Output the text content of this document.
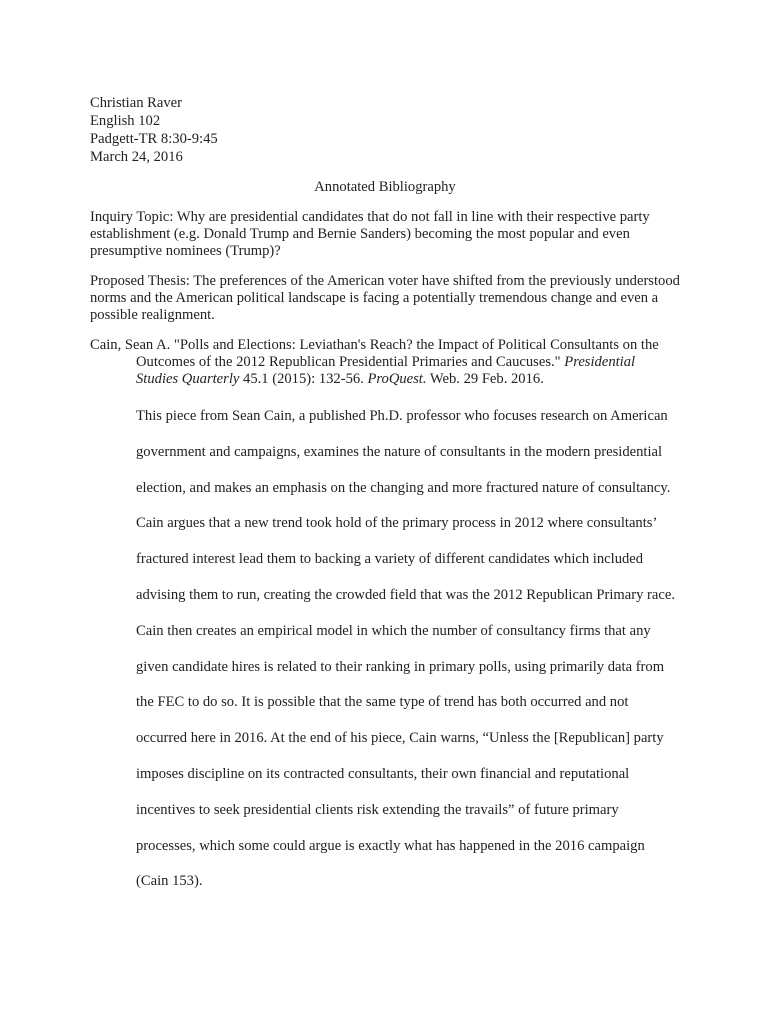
Christian Raver
English 102
Padgett-TR 8:30-9:45
March 24, 2016
Annotated Bibliography

Inquiry Topic: Why are presidential candidates that do not fall in line with their respective party establishment (e.g. Donald Trump and Bernie Sanders) becoming the most popular and even presumptive nominees (Trump)?

Proposed Thesis: The preferences of the American voter have shifted from the previously understood norms and the American political landscape is facing a potentially tremendous change and even a possible realignment.

Cain, Sean A. "Polls and Elections: Leviathan's Reach? the Impact of Political Consultants on the Outcomes of the 2012 Republican Presidential Primaries and Caucuses." Presidential Studies Quarterly 45.1 (2015): 132-56. ProQuest. Web. 29 Feb. 2016.

This piece from Sean Cain, a published Ph.D. professor who focuses research on American government and campaigns, examines the nature of consultants in the modern presidential election, and makes an emphasis on the changing and more fractured nature of consultancy. Cain argues that a new trend took hold of the primary process in 2012 where consultants’ fractured interest lead them to backing a variety of different candidates which included advising them to run, creating the crowded field that was the 2012 Republican Primary race. Cain then creates an empirical model in which the number of consultancy firms that any given candidate hires is related to their ranking in primary polls, using primarily data from the FEC to do so. It is possible that the same type of trend has both occurred and not occurred here in 2016. At the end of his piece, Cain warns, “Unless the [Republican] party imposes discipline on its contracted consultants, their own financial and reputational incentives to seek presidential clients risk extending the travails” of future primary processes, which some could argue is exactly what has happened in the 2016 campaign (Cain 153).
